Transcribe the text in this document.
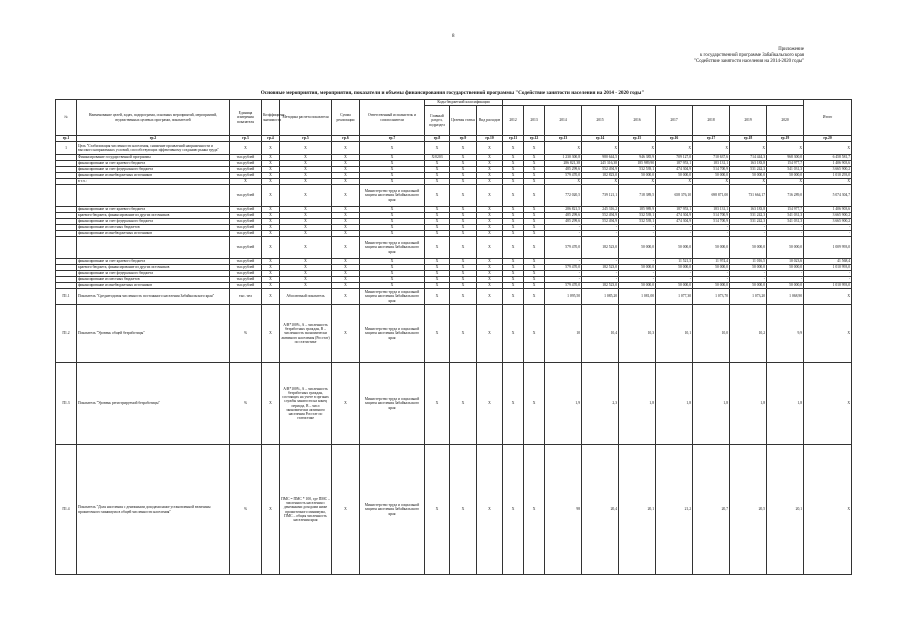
8
Приложение
к государственной программе Забайкальского края
"Содействие занятости населения на 2014-2020 годы"
Основные мероприятия, мероприятия, показатели и объемы финансирования государственной программы "Содействие занятости населения на 2014 - 2020 годы"
№	Наименование целей, задач, подпрограмм, основных мероприятий, мероприятий, ведомственных целевых программ, показателей	Единица измерения показателя	Коэффициент значимости	Методика расчета показателя	Сумма реализации	Ответственный исполнитель и соисполнители	Коды бюджетной классификации												Итого
							Главный раздел, подраздел	Целевая статья	Вид расходов	2012	2013	2014	2015	2016	2017	2018	2019	2020	
гр.1	гр.2	гр.3	гр.4	гр.5	гр.6	гр.7	гр.8	гр.9	гр.10	гр.11	гр.12	гр.13	гр.14	гр.15	гр.16	гр.17	гр.18	гр.19	гр.20
1	Цель "Стабилизация численности населения, снижение проявлений напряженности и высокого напряженных условий, способствующих эффективному созданию рынка труда"	X	X	X	X	X	X	X	X	X	X	X	X	X	X	X	X	X	X
	Финансирование государственной программы	тыс.рублей	X	X	X	X	Х/0203	X	X	X	X	1 230 300,8	980 644,5	946 385,9	709 127,0	710 637,6	714 444,3	968 300,0	6 458 581,7
	финансирование за счет краевого бюджета	тыс.рублей	X	X	X	X	X	X	X	X	X	286 821,38	245 316,38	185 989,90	187 953,1	183 131,1	163 183,8	154 977,7	1 406 903,6
	финансирование за счет федерального бюджета	тыс.рублей	X	X	X	X	X	X	X	X	X	485 299,6	552 494,9	532 539,1	474 304,9	514 700,9	531 242,3	541 031,3	3 665 900,2
	финансирование из внебюджетных источников	тыс.рублей	X	X	X	X	X	X	X	X	X	579 470,0	182 823,0	50 000,0	50 000,0	50 000,0	50 000,0	50 000,0	1 010 293,0
	в т.ч.:	X	X	X	X	X	X	X	X	X	X	X	X	X	X	X	X	X	X
		тыс.рублей	X	X	X	Министерство труда и социальной защиты населения Забайкальского края	X	X	X	X	X	772 020,5	739 121,1	718 389,5	658 376,10	698 871,00	731 664,17	716 289,0	5 074 304,7
	финансирование за счет краевого бюджета	тыс.рублей	X	X	X	X	X	X	X	X	X	286 821,5	245 316,2	185 989,9	187 953,1	183 131,1	163 183,8	154 977,7	1 406 903,6
	краевого бюджета, финансирование из других источников	тыс.рублей	X	X	X	X	X	X	X	X	X	485 299,6	552 494,9	532 539,1	474 304,9	514 700,9	531 242,3	541 031,3	3 665 900,2
	финансирование за счет федерального бюджета	тыс.рублей	X	X	X	X	X	X	X	X	X	485 299,6	552 494,9	532 539,1	474 304,9	514 700,9	531 242,3	541 031,3	3 665 900,2
	финансирование из местных бюджетов	тыс.рублей	X	X	X	X	X	X	X	X	X	-	-	-	-	-	-	-	-
	финансирование из внебюджетных источников	тыс.рублей	X	X	X	X	X	X	X	X	X	-	-	-	-	-	-	-	-
		тыс.рублей	X	X	X	Министерство труда и социальной защиты населения Забайкальского края	X	X	X	X	X	579 470,0	182 523,0	50 000,0	50 000,0	50 000,0	50 000,0	50 000,0	1 009 993,0
	финансирование за счет краевого бюджета	тыс.рублей	X	X	X	X	X	X	X	X	X	-	-	-	11 521,3	11 974,4	11 016,5	10 023,6	41 568,4
	краевого бюджета, финансирование из других источников	тыс.рублей	X	X	X	X	X	X	X	X	X	579 470,0	182 523,0	50 000,0	50 000,0	50 000,0	50 000,0	50 000,0	1 010 993,0
	финансирование за счет федерального бюджета	тыс.рублей	X	X	X	X	X	X	X	X	X	-	-	-	-	-	-	-	-
	финансирование из местных бюджетов	тыс.рублей	X	X	X	X	X	X	X	X	X	-	-	-	-	-	-	-	-
	финансирование из внебюджетных источников	тыс.рублей	X	X	X	X	X	X	X	X	X	579 470,0	182 523,0	50 000,0	50 000,0	50 000,0	50 000,0	50 000,0	1 010 993,0
П1.1	Показатель "Среднегодовая численность постоянного населения Забайкальского края"	тыс. чел	X	Абсолютный показатель	X	Министерство труда и социальной защиты населения Забайкальского края	X	X	X	X	X	1 095,50	1 085,20	1 081,00	1 077,30	1 073,70	1 073,20	1 068,90	X
П1.2	Показатель "Уровень общей безработицы"	%	X	А/В*100%, А – численность безработных граждан, В – численность экономически активного населения (Росстат) по статистике	X	Министерство труда и социальной защиты населения Забайкальского края	X	X	X	X	X	10	10,4	10,3	10,1	10,0	10,2	9,9	X
П1.3	Показатель "Уровень регистрируемой безработицы"	%	X	А/В*100%, А – численность безработных граждан, состоящих на учете в органах службы занятости на конец периода, В – числ экономически активного населения Росстат по статистике	X	Министерство труда и социальной защиты населения Забайкальского края	X	X	X	X	X	1,9	2,3	1,8	1,8	1,8	1,8	1,8	X
П1.4	Показатель "Доля населения с денежными доходами ниже установленной величины прожиточного минимума в общей численности населения"	%	X	ПМС = ПМС * 100, где ПМС – численность населения с денежными доходами ниже прожиточного минимума, ПМС – общая численность населения края	X	Министерство труда и социальной защиты населения Забайкальского края	X	X	X	X	X	98	20,4	20,1	21,2	20,7	20,5	20,1	X
